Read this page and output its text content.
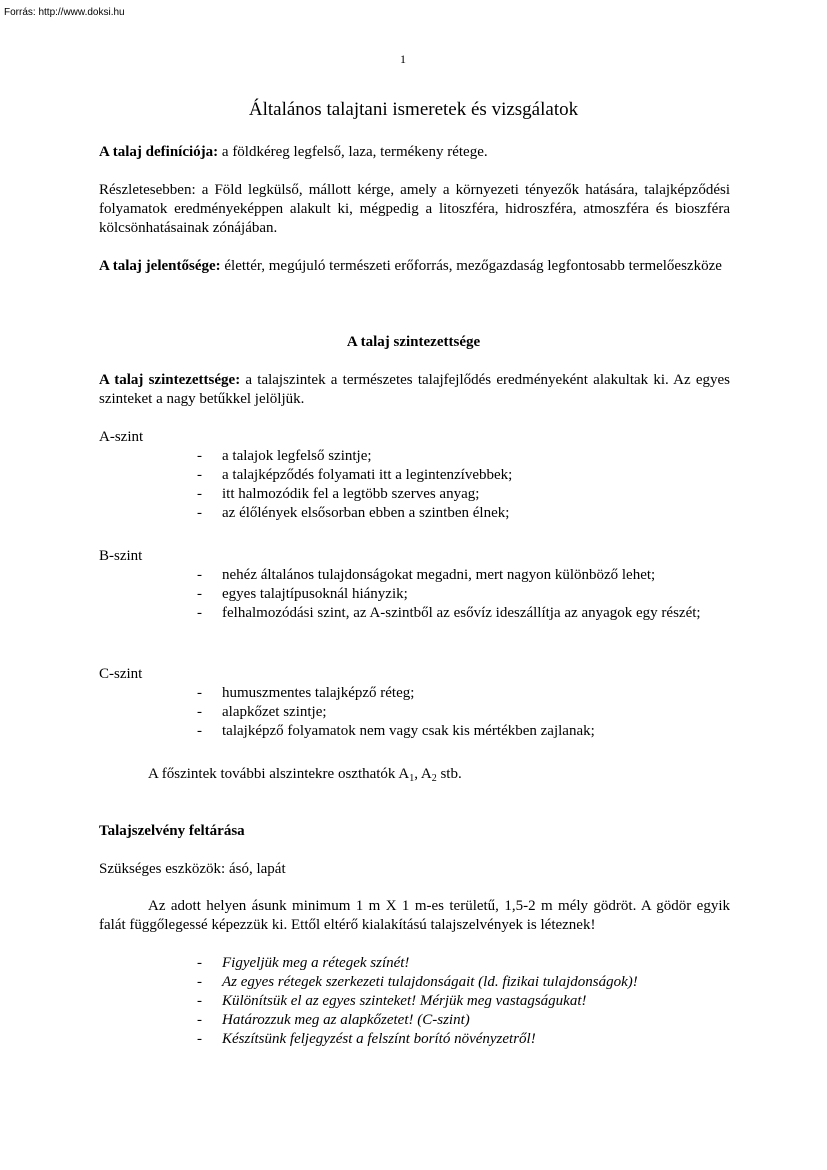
Forrás: http://www.doksi.hu
1
Általános talajtani ismeretek és vizsgálatok
A talaj definíciója: a földkéreg legfelső, laza, termékeny rétege.
Részletesebben: a Föld legkülső, mállott kérge, amely a környezeti tényezők hatására, talajképződési folyamatok eredményeképpen alakult ki, mégpedig a litoszféra, hidroszféra, atmoszféra és bioszféra kölcsönhatásainak zónájában.
A talaj jelentősége: élettér, megújuló természeti erőforrás, mezőgazdaság legfontosabb termelőeszköze
A talaj szintezettsége
A talaj szintezettsége: a talajszintek a természetes talajfejlődés eredményeként alakultak ki. Az egyes szinteket a nagy betűkkel jelöljük.
A-szint
- a talajok legfelső szintje;
- a talajképződés folyamati itt a legintenzívebbek;
- itt halmozódik fel a legtöbb szerves anyag;
- az élőlények elsősorban ebben a szintben élnek;
B-szint
- nehéz általános tulajdonságokat megadni, mert nagyon különböző lehet;
- egyes talajtípusoknál hiányzik;
- felhalmozódási szint, az A-szintből az esővíz ideszállítja az anyagok egy részét;
C-szint
- humuszmentes talajképző réteg;
- alapkőzet szintje;
- talajképző folyamatok nem vagy csak kis mértékben zajlanak;
A főszintek további alszintekre oszthatók $A_1$, $A_2$ stb.
Talajszelvény feltárása
Szükséges eszközök: ásó, lapát
Az adott helyen ásunk minimum 1 m X 1 m-es területű, 1,5-2 m mély gödröt. A gödör egyik falát függőlegessé képezzük ki. Ettől eltérő kialakítású talajszelvények is léteznek!
- Figyeljük meg a rétegek színét!
- Az egyes rétegek szerkezeti tulajdonságait (ld. fizikai tulajdonságok)!
- Különítsük el az egyes szinteket! Mérjük meg vastagságukat!
- Határozzuk meg az alapkőzetet! (C-szint)
- Készítsünk feljegyzést a felszínt borító növényzetről!
